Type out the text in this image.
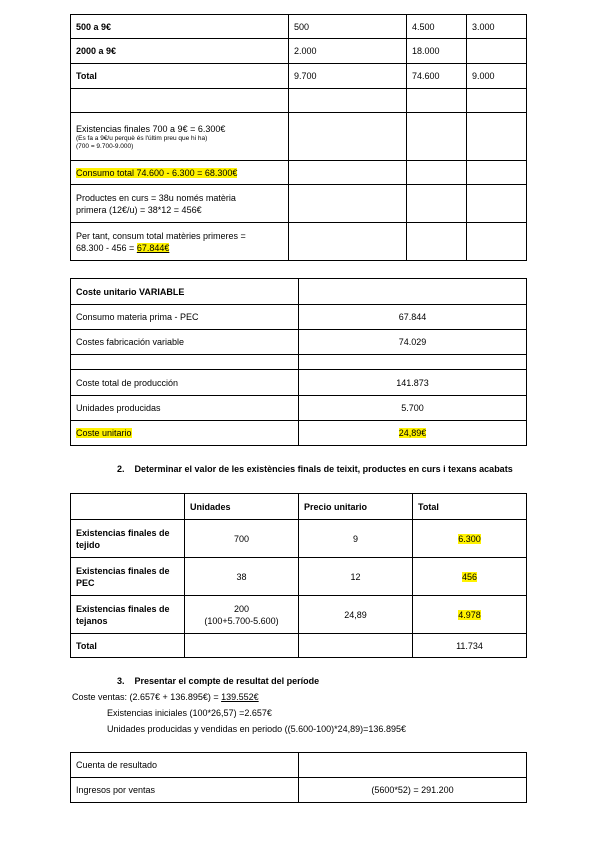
500 a 9€	500	4.500	3.000
2000 a 9€	2.000	18.000	
Total	9.700	74.600	9.000

Existencias finales 700 a 9€ = 6.300€
(Es fa a 9€/u perquè és l'últim preu que hi ha)
(700 = 9.700-9.000)			

Consumo total 74.600 - 6.300 = 68.300€			
Productes en curs = 38u només matèria
primera (12€/u) = 38*12 = 456€			
Per tant, consum total matèries primeres =
68.300 - 456 = 67.844€			
Coste unitario VARIABLE	
Consumo materia prima - PEC	67.844
Costes fabricación variable	74.029

Coste total de producción	141.873
Unidades producidas	5.700
Coste unitario	24,89€
2. Determinar el valor de les existències finals de teixit, productes en curs i texans acabats
	Unidades	Precio unitario	Total
Existencias finales de
tejido	700	9	6.300
Existencias finales de
PEC	38	12	456
Existencias finales de
tejanos	200
(100+5.700-5.600)	24,89	4.978
Total			11.734
3. Presentar el compte de resultat del període
Coste ventas: (2.657€ + 136.895€) = 139.552€
Existencias iniciales (100*26,57) =2.657€
Unidades producidas y vendidas en periodo ((5.600-100)*24,89)=136.895€
Cuenta de resultado	
Ingresos por ventas	(5600*52) = 291.200
